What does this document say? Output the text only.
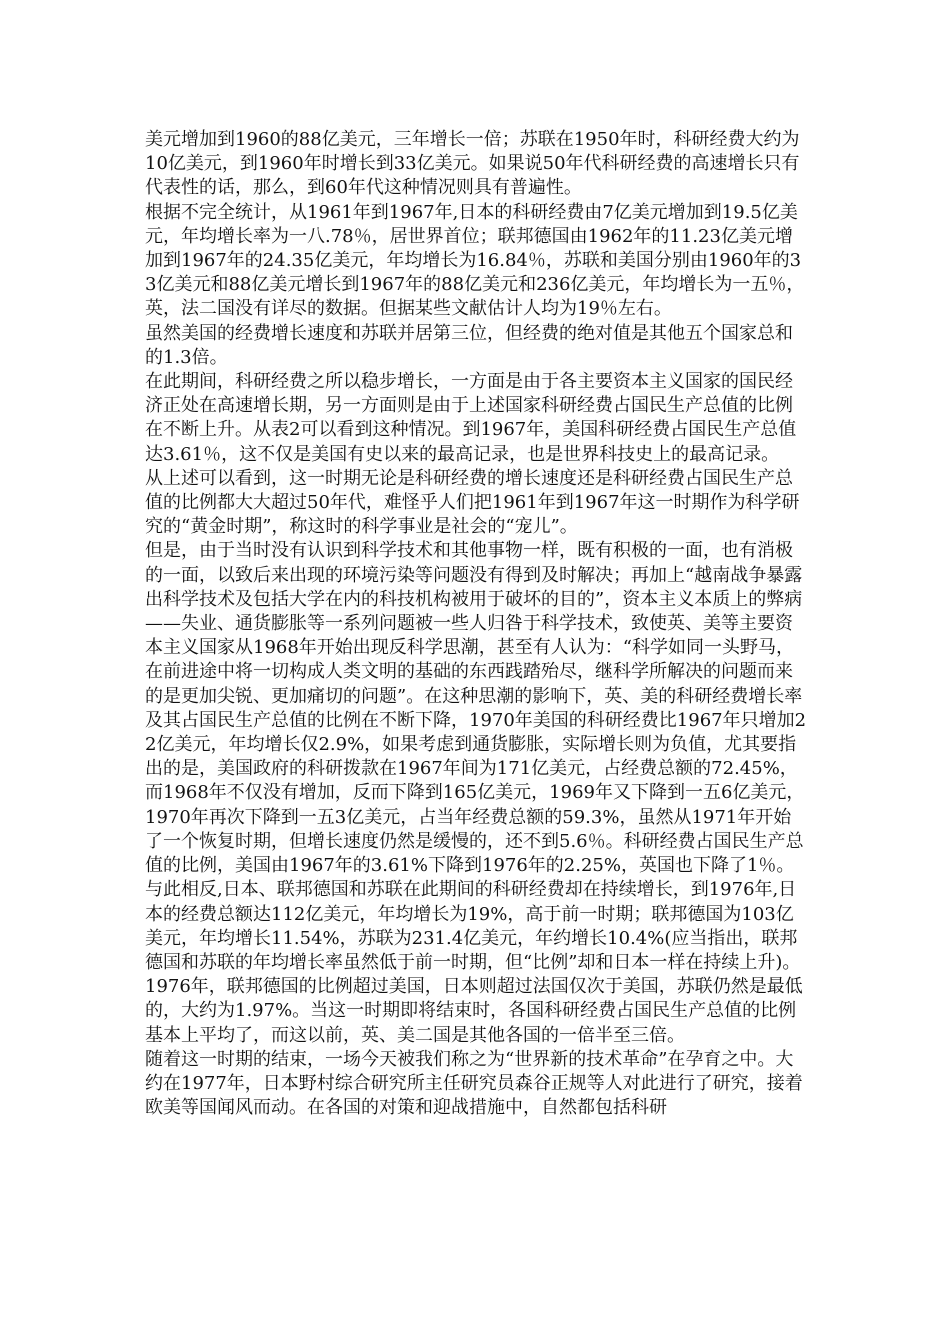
美元增加到1960的88亿美元，三年增长一倍；苏联在1950年时，科研经费大约为10亿美元，到1960年时增长到33亿美元。如果说50年代科研经费的高速增长只有代表性的话，那么，到60年代这种情况则具有普遍性。

根据不完全统计，从1961年到1967年,日本的科研经费由7亿美元增加到19.5亿美元，年均增长率为一八.78％，居世界首位；联邦德国由1962年的11.23亿美元增加到1967年的24.35亿美元，年均增长为16.84％，苏联和美国分别由1960年的33亿美元和88亿美元增长到1967年的88亿美元和236亿美元，年均增长为一五％，英，法二国没有详尽的数据。但据某些文献估计人均为19％左右。

虽然美国的经费增长速度和苏联并居第三位，但经费的绝对值是其他五个国家总和的1.3倍。

在此期间，科研经费之所以稳步增长，一方面是由于各主要资本主义国家的国民经济正处在高速增长期，另一方面则是由于上述国家科研经费占国民生产总值的比例在不断上升。从表2可以看到这种情况。到1967年，美国科研经费占国民生产总值达3.61％，这不仅是美国有史以来的最高记录，也是世界科技史上的最高记录。

从上述可以看到，这一时期无论是科研经费的增长速度还是科研经费占国民生产总值的比例都大大超过50年代，难怪乎人们把1961年到1967年这一时期作为科学研究的“黄金时期”，称这时的科学事业是社会的“宠儿”。

但是，由于当时没有认识到科学技术和其他事物一样，既有积极的一面，也有消极的一面，以致后来出现的环境污染等问题没有得到及时解决；再加上“越南战争暴露出科学技术及包括大学在内的科技机构被用于破坏的目的”，资本主义本质上的弊病——失业、通货膨胀等一系列问题被一些人归咎于科学技术，致使英、美等主要资本主义国家从1968年开始出现反科学思潮，甚至有人认为：“科学如同一头野马，在前进途中将一切构成人类文明的基础的东西践踏殆尽，继科学所解决的问题而来的是更加尖锐、更加痛切的问题”。在这种思潮的影响下，英、美的科研经费增长率及其占国民生产总值的比例在不断下降，1970年美国的科研经费比1967年只增加22亿美元，年均增长仅2.9%，如果考虑到通货膨胀，实际增长则为负值，尤其要指出的是，美国政府的科研拨款在1967年间为171亿美元，占经费总额的72.45%，而1968年不仅没有增加，反而下降到165亿美元，1969年又下降到一五6亿美元，1970年再次下降到一五3亿美元，占当年经费总额的59.3%，虽然从1971年开始了一个恢复时期，但增长速度仍然是缓慢的，还不到5.6％。科研经费占国民生产总值的比例，美国由1967年的3.61%下降到1976年的2.25%，英国也下降了1％。与此相反,日本、联邦德国和苏联在此期间的科研经费却在持续增长，到1976年,日本的经费总额达112亿美元，年均增长为19%，高于前一时期；联邦德国为103亿美元，年均增长11.54%，苏联为231.4亿美元，年约增长10.4%(应当指出，联邦德国和苏联的年均增长率虽然低于前一时期，但“比例”却和日本一样在持续上升)。1976年，联邦德国的比例超过美国，日本则超过法国仅次于美国，苏联仍然是最低的，大约为1.97%。当这一时期即将结束时，各国科研经费占国民生产总值的比例基本上平均了，而这以前，英、美二国是其他各国的一倍半至三倍。

随着这一时期的结束，一场今天被我们称之为“世界新的技术革命”在孕育之中。大约在1977年，日本野村综合研究所主任研究员森谷正规等人对此进行了研究，接着欧美等国闻风而动。在各国的对策和迎战措施中，自然都包括科研
